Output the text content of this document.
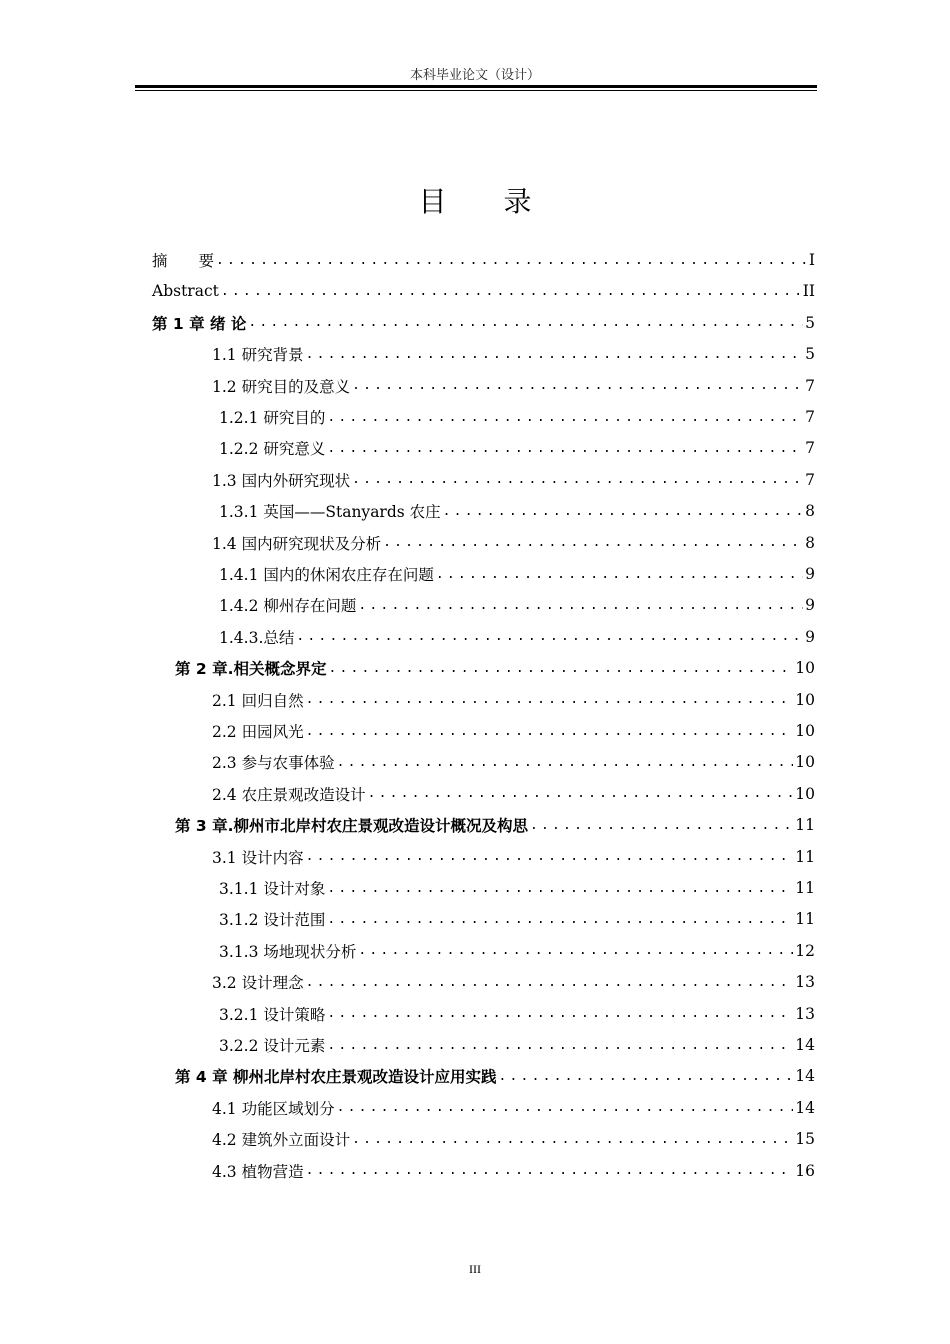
本科毕业论文（设计）
目 录
摘　　要 .....	I
Abstract .....	II
第 1 章 绪 论 .....	5
1.1 研究背景 .....	5
1.2 研究目的及意义 .....	7
1.2.1 研究目的 .....	7
1.2.2 研究意义 .....	7
1.3 国内外研究现状 .....	7
1.3.1 英国——Stanyards 农庄 .....	8
1.4 国内研究现状及分析 .....	8
1.4.1 国内的休闲农庄存在问题 .....	9
1.4.2 柳州存在问题 .....	9
1.4.3.总结 .....	9
第 2 章.相关概念界定 .....	10
2.1 回归自然 .....	10
2.2 田园风光 .....	10
2.3 参与农事体验 .....	10
2.4 农庄景观改造设计 .....	10
第 3 章.柳州市北岸村农庄景观改造设计概况及构思 .....	11
3.1 设计内容 .....	11
3.1.1 设计对象 .....	11
3.1.2 设计范围 .....	11
3.1.3 场地现状分析 .....	12
3.2 设计理念 .....	13
3.2.1 设计策略 .....	13
3.2.2 设计元素 .....	14
第 4 章 柳州北岸村农庄景观改造设计应用实践 .....	14
4.1 功能区域划分 .....	14
4.2 建筑外立面设计 .....	15
4.3 植物营造 .....	16
III
